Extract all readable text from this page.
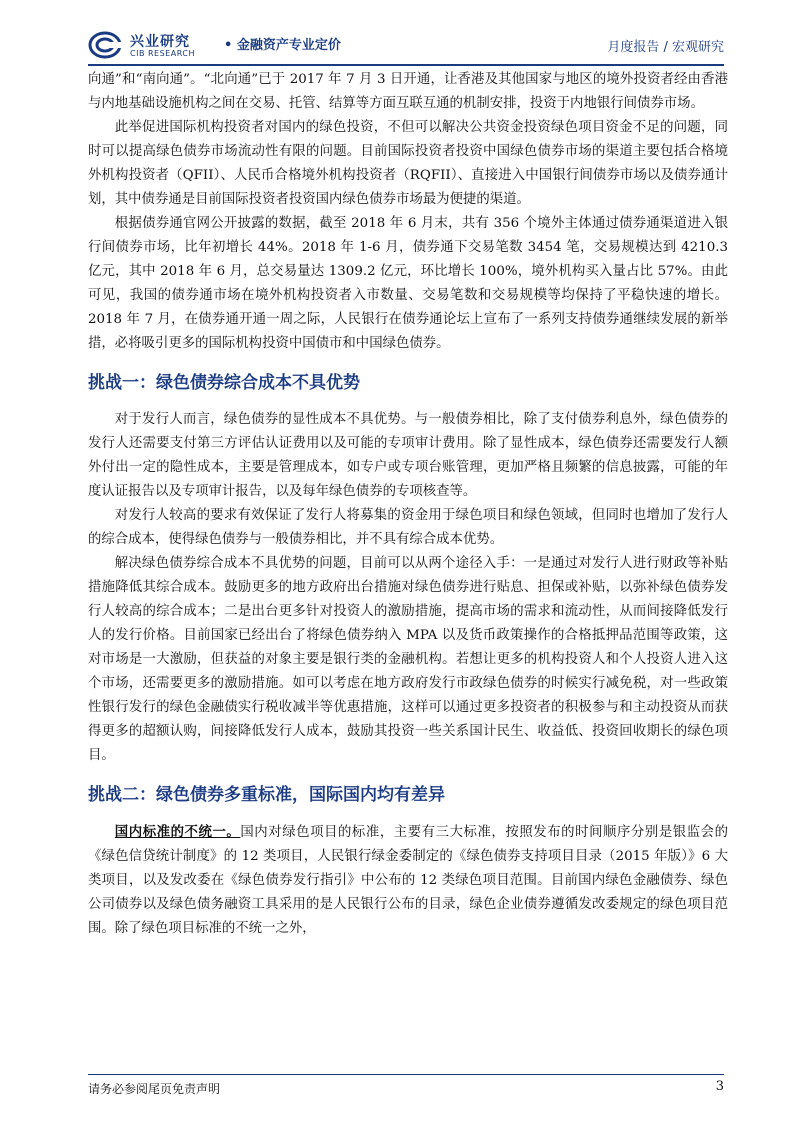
兴业研究
CIB RESEARCH
• 金融资产专业定价	月度报告 / 宏观研究

向通”和“南向通”。“北向通”已于 2017 年 7 月 3 日开通，让香港及其他国家与地区的境外投资者经由香港与内地基础设施机构之间在交易、托管、结算等方面互联互通的机制安排，投资于内地银行间债券市场。

此举促进国际机构投资者对国内的绿色投资，不但可以解决公共资金投资绿色项目资金不足的问题，同时可以提高绿色债券市场流动性有限的问题。目前国际投资者投资中国绿色债券市场的渠道主要包括合格境外机构投资者（QFII）、人民币合格境外机构投资者（RQFII）、直接进入中国银行间债券市场以及债券通计划，其中债券通是目前国际投资者投资国内绿色债券市场最为便捷的渠道。

根据债券通官网公开披露的数据，截至 2018 年 6 月末，共有 356 个境外主体通过债券通渠道进入银行间债券市场，比年初增长 44%。2018 年 1-6 月，债券通下交易笔数 3454 笔，交易规模达到 4210.3 亿元，其中 2018 年 6 月，总交易量达 1309.2 亿元，环比增长 100%，境外机构买入量占比 57%。由此可见，我国的债券通市场在境外机构投资者入市数量、交易笔数和交易规模等均保持了平稳快速的增长。2018 年 7 月，在债券通开通一周之际，人民银行在债券通论坛上宣布了一系列支持债券通继续发展的新举措，必将吸引更多的国际机构投资中国债市和中国绿色债券。

挑战一：绿色债券综合成本不具优势

对于发行人而言，绿色债券的显性成本不具优势。与一般债券相比，除了支付债券利息外，绿色债券的发行人还需要支付第三方评估认证费用以及可能的专项审计费用。除了显性成本，绿色债券还需要发行人额外付出一定的隐性成本，主要是管理成本，如专户或专项台账管理，更加严格且频繁的信息披露，可能的年度认证报告以及专项审计报告，以及每年绿色债券的专项核查等。

对发行人较高的要求有效保证了发行人将募集的资金用于绿色项目和绿色领域，但同时也增加了发行人的综合成本，使得绿色债券与一般债券相比，并不具有综合成本优势。

解决绿色债券综合成本不具优势的问题，目前可以从两个途径入手：一是通过对发行人进行财政等补贴措施降低其综合成本。鼓励更多的地方政府出台措施对绿色债券进行贴息、担保或补贴，以弥补绿色债券发行人较高的综合成本；二是出台更多针对投资人的激励措施，提高市场的需求和流动性，从而间接降低发行人的发行价格。目前国家已经出台了将绿色债券纳入 MPA 以及货币政策操作的合格抵押品范围等政策，这对市场是一大激励，但获益的对象主要是银行类的金融机构。若想让更多的机构投资人和个人投资人进入这个市场，还需要更多的激励措施。如可以考虑在地方政府发行市政绿色债券的时候实行减免税，对一些政策性银行发行的绿色金融债实行税收减半等优惠措施，这样可以通过更多投资者的积极参与和主动投资从而获得更多的超额认购，间接降低发行人成本，鼓励其投资一些关系国计民生、收益低、投资回收期长的绿色项目。

挑战二：绿色债券多重标准，国际国内均有差异

国内标准的不统一。国内对绿色项目的标准，主要有三大标准，按照发布的时间顺序分别是银监会的《绿色信贷统计制度》的 12 类项目，人民银行绿金委制定的《绿色债券支持项目目录（2015 年版）》6 大类项目，以及发改委在《绿色债券发行指引》中公布的 12 类绿色项目范围。目前国内绿色金融债券、绿色公司债券以及绿色债务融资工具采用的是人民银行公布的目录，绿色企业债券遵循发改委规定的绿色项目范围。除了绿色项目标准的不统一之外，

请务必参阅尾页免责声明	3
